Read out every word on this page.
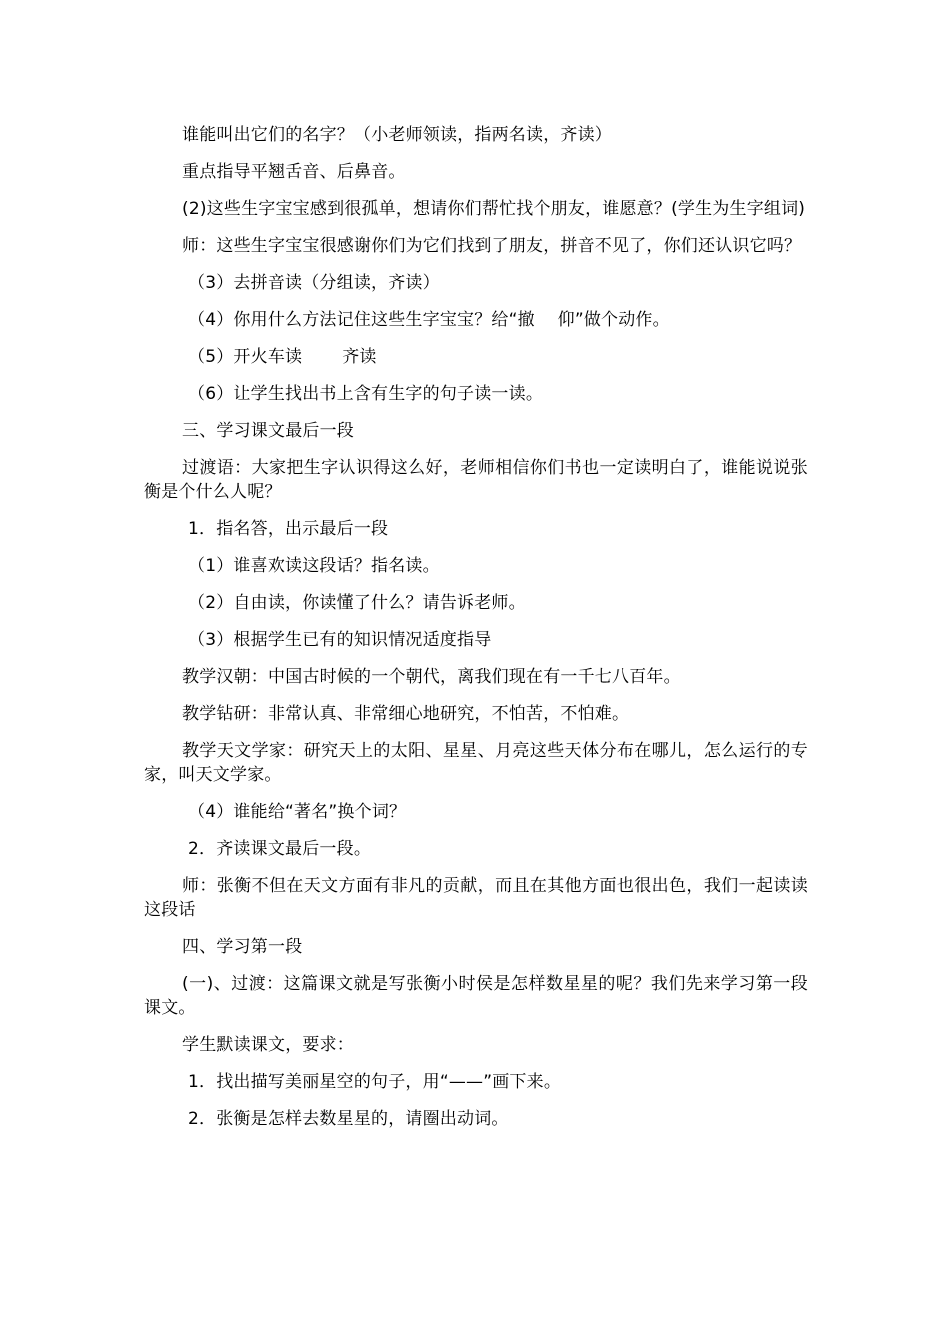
谁能叫出它们的名字？（小老师领读，指两名读，齐读）

重点指导平翘舌音、后鼻音。

(2)这些生字宝宝感到很孤单，想请你们帮忙找个朋友，谁愿意？(学生为生字组词)

师：这些生字宝宝很感谢你们为它们找到了朋友，拼音不见了，你们还认识它吗？

（3）去拼音读（分组读，齐读）

（4）你用什么方法记住这些生字宝宝？给“撤　 仰”做个动作。

（5）开火车读　　 齐读

（6）让学生找出书上含有生字的句子读一读。

三、学习课文最后一段

过渡语：大家把生字认识得这么好，老师相信你们书也一定读明白了，谁能说说张衡是个什么人呢？

1．指名答，出示最后一段

（1）谁喜欢读这段话？指名读。

（2）自由读，你读懂了什么？请告诉老师。

（3）根据学生已有的知识情况适度指导

教学汉朝：中国古时候的一个朝代，离我们现在有一千七八百年。

教学钻研：非常认真、非常细心地研究，不怕苦，不怕难。

教学天文学家：研究天上的太阳、星星、月亮这些天体分布在哪儿，怎么运行的专家，叫天文学家。

（4）谁能给“著名”换个词？

2．齐读课文最后一段。

师：张衡不但在天文方面有非凡的贡献，而且在其他方面也很出色，我们一起读读这段话

四、学习第一段

(一)、过渡：这篇课文就是写张衡小时侯是怎样数星星的呢？我们先来学习第一段课文。

学生默读课文，要求：

1．找出描写美丽星空的句子，用“——”画下来。

2．张衡是怎样去数星星的，请圈出动词。
